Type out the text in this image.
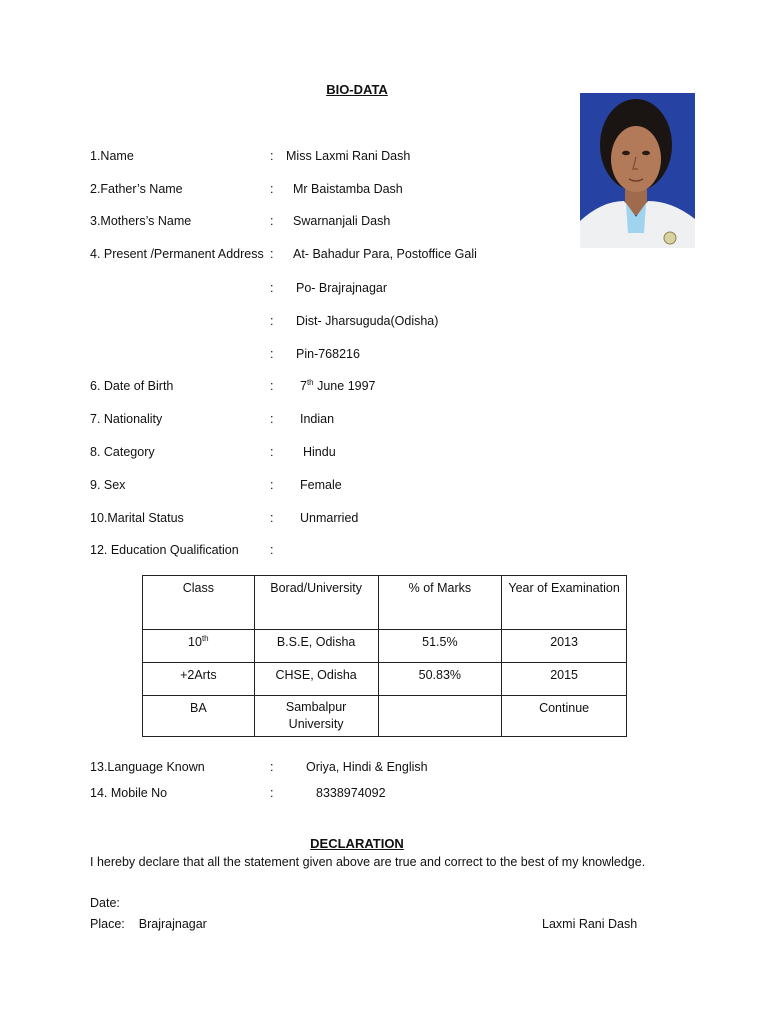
BIO-DATA
1.Name	:	Miss Laxmi Rani Dash
2.Father’s Name	:	Mr Baistamba Dash
3.Mothers’s Name	:	Swarnanjali Dash
4. Present /Permanent Address :	At- Bahadur Para, Postoffice Gali
:	Po- Brajrajnagar
:	Dist- Jharsuguda(Odisha)
:	Pin-768216
6. Date of Birth	:	7th June 1997
7. Nationality	:	Indian
8. Category	:	Hindu
9. Sex	:	Female
10.Marital Status	:	Unmarried
12. Education Qualification	:
Class	Borad/University	% of Marks	Year of Examination
10th	B.S.E, Odisha	51.5%	2013
+2Arts	CHSE, Odisha	50.83%	2015
BA	Sambalpur University		Continue
13.Language Known	:	Oriya, Hindi & English
14. Mobile No	:	8338974092
DECLARATION
I hereby declare that all the statement given above are true and correct to the best of my knowledge.
Date:
Place: Brajrajnagar	Laxmi Rani Dash
